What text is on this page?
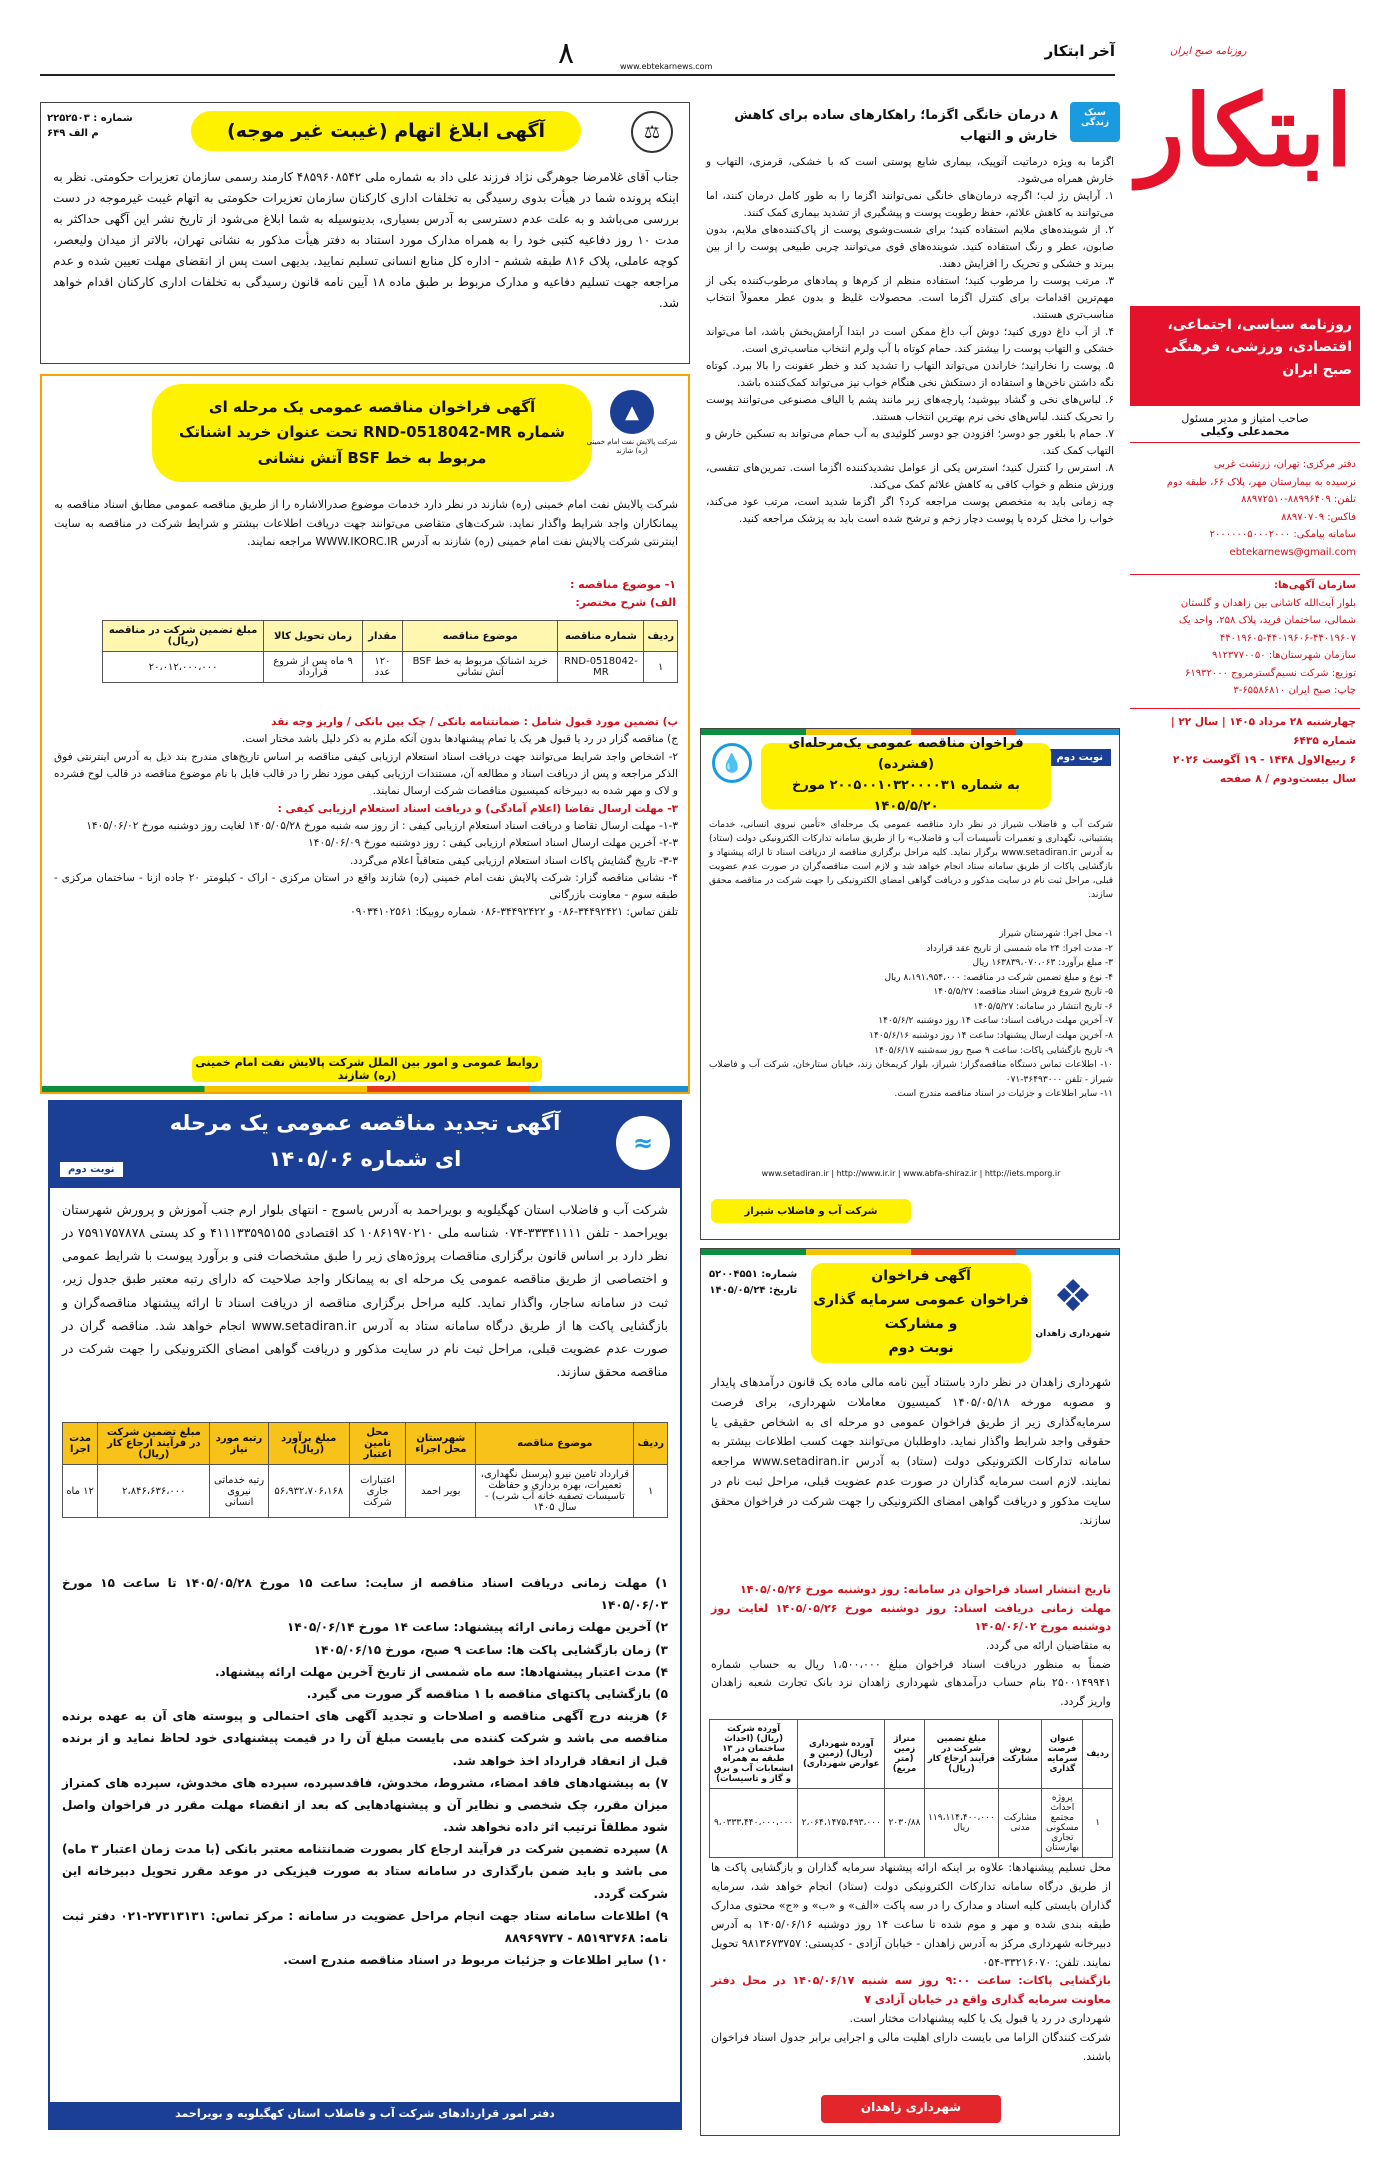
آخر ابتکار
۸	www.ebtekarnews.com
روزنامه صبح ایران
ابتکار
روزنامه‌ سیاسی، اجتماعی، اقتصادی، ورزشی، فرهنگی صبح ایران
صاحب امتیاز و مدیر مسئول
محمدعلی وکیلی
دفتر مرکزی: تهران، زرتشت غربی
نرسیده به بیمارستان مهر، پلاک ۶۶، طبقه دوم
تلفن: ۸۸۹۹۶۴۰۹-۸۸۹۷۲۵۱۰
فاکس: ۸۸۹۷۰۷۰۹
سامانه پیامکی: ۲۰۰۰۰۰۰۵۰۰۰۲۰۰۰
ebtekarnews@gmail.com
سازمان آگهی‌ها:
بلوار آیت‌الله کاشانی بین زاهدان و گلستان
شمالی، ساختمان فرید، پلاک ۲۵۸، واحد یک
۴۴۰۱۹۶۰۵-۴۴۰۱۹۶۰۶-۴۴۰۱۹۶۰۷
سازمان شهرستان‌ها: ۹۱۲۳۷۷۰۰۵۰
توزیع: شرکت نسیم‌گستر‌مروج ۶۱۹۳۲۰۰۰
چاپ: صبح ایران ۶۵۵۸۶۸۱۰-۳
چهارشنبه ۲۸ مرداد ۱۴۰۵ | سال ۲۲ | شماره ۶۴۳۵
۶ ربیع‌الاول ۱۴۴۸ - ۱۹ آگوست ۲۰۲۶
سال بیست‌ودوم / ۸ صفحه
سبک زندگی
۸ درمان خانگی اگزما؛ راهکارهای ساده برای کاهش خارش و التهاب

اگزما به ویژه درماتیت آتوپیک، بیماری شایع پوستی است که با خشکی، قرمزی، التهاب و خارش همراه می‌شود.

۱. آرایش رژ لب؛ اگرچه درمان‌های خانگی نمی‌توانند اگزما را به طور کامل درمان کنند، اما می‌توانند به کاهش علائم، حفظ رطوبت پوست و پیشگیری از تشدید بیماری کمک کنند.

۲. از شوینده‌های ملایم استفاده کنید؛ برای شست‌وشوی پوست از پاک‌کننده‌های ملایم، بدون صابون، عطر و رنگ استفاده کنید. شوینده‌های قوی می‌توانند چربی طبیعی پوست را از بین ببرند و خشکی و تحریک را افزایش دهند.

۳. مرتب پوست را مرطوب کنید؛ استفاده منظم از کرم‌ها و پمادهای مرطوب‌کننده یکی از مهم‌ترین اقدامات برای کنترل اگزما است. محصولات غلیظ و بدون عطر معمولاً انتخاب مناسب‌تری هستند.

۴. از آب داغ دوری کنید؛ دوش آب داغ ممکن است در ابتدا آرامش‌بخش باشد، اما می‌تواند خشکی و التهاب پوست را بیشتر کند. حمام کوتاه با آب ولرم انتخاب مناسب‌تری است.

۵. پوست را نخارانید؛ خاراندن می‌تواند التهاب را تشدید کند و خطر عفونت را بالا ببرد. کوتاه نگه داشتن ناخن‌ها و استفاده از دستکش نخی هنگام خواب نیز می‌تواند کمک‌کننده باشد.

۶. لباس‌های نخی و گشاد بپوشید؛ پارچه‌های زبر مانند پشم یا الیاف مصنوعی می‌توانند پوست را تحریک کنند. لباس‌های نخی نرم بهترین انتخاب هستند.

۷. حمام با بلغور جو دوسر؛ افزودن جو دوسر کلوئیدی به آب حمام می‌تواند به تسکین خارش و التهاب کمک کند.

۸. استرس را کنترل کنید؛ استرس یکی از عوامل تشدیدکننده اگزما است. تمرین‌های تنفسی، ورزش منظم و خواب کافی به کاهش علائم کمک می‌کند.

چه زمانی باید به متخصص پوست مراجعه کرد؟ اگر اگزما شدید است، مرتب عود می‌کند، خواب را مختل کرده یا پوست دچار زخم و ترشح شده است باید به پزشک مراجعه کنید.

شماره : ۲۲۵۲۵۰۳
م الف ۶۴۹	آگهی ابلاغ اتهام (غیبت غیر موجه)	⚖
جناب آقای غلامرضا جوهرگی نژاد فرزند علی داد به شماره ملی ۴۸۵۹۶۰۸۵۴۲ کارمند رسمی سازمان تعزیرات حکومتی. نظر به اینکه پرونده شما در هیأت بدوی رسیدگی به تخلفات اداری کارکنان سازمان تعزیرات حکومتی به اتهام غیبت غیرموجه در دست بررسی می‌باشد و به علت عدم دسترسی به آدرس بسیاری، بدینوسیله به شما ابلاغ می‌شود از تاریخ نشر این آگهی حداکثر به مدت ۱۰ روز دفاعیه کتبی خود را به همراه مدارک مورد استناد به دفتر هیأت مذکور به نشانی تهران، بالاتر از میدان ولیعصر، کوچه عاملی، پلاک ۸۱۶ طبقه ششم - اداره کل منابع انسانی تسلیم نمایید. بدیهی است پس از انقضای مهلت تعیین شده و عدم مراجعه جهت تسلیم دفاعیه و مدارک مربوط بر طبق ماده ۱۸ آیین نامه قانون رسیدگی به تخلفات اداری کارکنان اقدام خواهد شد.
آگهی فراخوان مناقصه عمومی یک مرحله ای
شماره RND-0518042-MR تحت عنوان خرید اشناتک
مربوط به خط BSF آتش نشانی
▲
شرکت پالایش نفت امام خمینی (ره) شازند
شرکت پالایش نفت امام خمینی (ره) شازند در نظر دارد خدمات موضوع صدرالاشاره را از طریق مناقصه عمومی مطابق اسناد مناقصه به پیمانکاران واجد شرایط واگذار نماید. شرکت‌های متقاضی می‌توانند جهت دریافت اطلاعات بیشتر و شرایط شرکت در مناقصه به سایت اینترنتی شرکت پالایش نفت امام خمینی (ره) شازند به آدرس WWW.IKORC.IR مراجعه نمایند.
۱- موضوع مناقصه :
الف) شرح مختصر:
ردیف	شماره مناقصه	موضوع مناقصه	مقدار	زمان تحویل کالا	مبلغ تضمین شرکت در مناقصه (ریال)
۱	RND-0518042-MR	خرید اشناتک مربوط به خط BSF آتش نشانی	۱۲۰ عدد	۹ ماه پس از شروع قرارداد	۲۰،۰۱۲،۰۰۰،۰۰۰
ب) تضمین مورد قبول شامل : ضمانتنامه بانکی / چک بین بانکی / واریز وجه نقد
ج) مناقصه گزار در رد یا قبول هر یک یا تمام پیشنهادها بدون آنکه ملزم به ذکر دلیل باشد مختار است.
۲- اشخاص واجد شرایط می‌توانند جهت دریافت اسناد استعلام ارزیابی کیفی مناقصه بر اساس تاریخ‌های مندرج بند ذیل به آدرس اینترنتی فوق الذکر مراجعه و پس از دریافت اسناد و مطالعه آن، مستندات ارزیابی کیفی مورد نظر را در قالب فایل با نام موضوع مناقصه در قالب لوح فشرده و لاک و مهر شده به دبیرخانه کمیسیون مناقصات شرکت ارسال نمایند.
۳- مهلت ارسال تقاضا (اعلام آمادگی) و دریافت اسناد استعلام ارزیابی کیفی :
۱-۳- مهلت ارسال تقاضا و دریافت اسناد استعلام ارزیابی کیفی : از روز سه شنبه مورخ ۱۴۰۵/۰۵/۲۸ لغایت روز دوشنبه مورخ ۱۴۰۵/۰۶/۰۲
۲-۳- آخرین مهلت ارسال اسناد استعلام ارزیابی کیفی : روز دوشنبه مورخ ۱۴۰۵/۰۶/۰۹
۳-۳- تاریخ گشایش پاکات اسناد استعلام ارزیابی کیفی متعاقباً اعلام می‌گردد.
۴- نشانی مناقصه گزار: شرکت پالایش نفت امام خمینی (ره) شازند واقع در استان مرکزی - اراک - کیلومتر ۲۰ جاده ازنا - ساختمان مرکزی - طبقه سوم - معاونت بازرگانی
تلفن تماس: ۳۴۴۹۲۴۲۱-۰۸۶ و ۳۴۴۹۲۴۲۲-۰۸۶ شماره روبیکا: ۰۹۰۳۴۱۰۲۵۶۱
روابط عمومی و امور بین الملل شرکت پالایش نفت امام خمینی (ره) شازند
نوبت دوم
فراخوان مناقصه عمومی یک‌مرحله‌ای (فشرده)
به شماره ۲۰۰۵۰۰۱۰۳۲۰۰۰۰۳۱ مورخ ۱۴۰۵/۵/۲۰
💧
شرکت آب و فاضلاب شیراز در نظر دارد مناقصه عمومی یک مرحله‌ای «تأمین نیروی انسانی، خدمات پشتیبانی، نگهداری و تعمیرات تأسیسات آب و فاضلاب» را از طریق سامانه تدارکات الکترونیکی دولت (ستاد) به آدرس www.setadiran.ir برگزار نماید. کلیه مراحل برگزاری مناقصه از دریافت اسناد تا ارائه پیشنهاد و بازگشایی پاکات از طریق سامانه ستاد انجام خواهد شد و لازم است مناقصه‌گران در صورت عدم عضویت قبلی، مراحل ثبت نام در سایت مذکور و دریافت گواهی امضای الکترونیکی را جهت شرکت در مناقصه محقق سازند.
۱- محل اجرا: شهرستان شیراز
۲- مدت اجرا: ۲۴ ماه شمسی از تاریخ عقد قرارداد
۳- مبلغ برآورد: ۱۶۳۸۳۹،۰۷۰،۰۶۳ ریال
۴- نوع و مبلغ تضمین شرکت در مناقصه: ۸،۱۹۱،۹۵۴،۰۰۰ ریال
۵- تاریخ شروع فروش اسناد مناقصه: ۱۴۰۵/۵/۲۷
۶- تاریخ انتشار در سامانه: ۱۴۰۵/۵/۲۷
۷- آخرین مهلت دریافت اسناد: ساعت ۱۴ روز دوشنبه ۱۴۰۵/۶/۲
۸- آخرین مهلت ارسال پیشنهاد: ساعت ۱۴ روز دوشنبه ۱۴۰۵/۶/۱۶
۹- تاریخ بازگشایی پاکات: ساعت ۹ صبح روز سه‌شنبه ۱۴۰۵/۶/۱۷
۱۰- اطلاعات تماس دستگاه مناقصه‌گزار: شیراز، بلوار کریمخان زند، خیابان ستارخان، شرکت آب و فاضلاب شیراز - تلفن ۳۶۴۹۳۰۰۰-۰۷۱
۱۱- سایر اطلاعات و جزئیات در اسناد مناقصه مندرج است.
www.setadiran.ir | http://www.ir.ir | www.abfa-shiraz.ir | http://iets.mporg.ir
شرکت آب و فاضلاب شیراز
آگهی تجدید مناقصه عمومی یک مرحله
ای شماره ۱۴۰۵/۰۶
نوبت دوم
≈
شرکت آب و فاضلاب استان کهگیلویه و بویراحمد به آدرس یاسوج - انتهای بلوار ارم جنب آموزش و پرورش شهرستان بویراحمد - تلفن ۳۳۳۴۱۱۱۱-۰۷۴ شناسه ملی ۱۰۸۶۱۹۷۰۲۱۰ کد اقتصادی ۴۱۱۱۳۳۵۹۵۱۵۵ و کد پستی ۷۵۹۱۷۵۷۸۷۸ در نظر دارد بر اساس قانون برگزاری مناقصات پروژه‌های زیر را طبق مشخصات فنی و برآورد پیوست با شرایط عمومی و اختصاصی از طریق مناقصه عمومی یک مرحله ای به پیمانکار واجد صلاحیت که دارای رتبه معتبر طبق جدول زیر، ثبت در سامانه ساجار، واگذار نماید. کلیه مراحل برگزاری مناقصه از دریافت اسناد تا ارائه پیشنهاد مناقصه‌گران و بازگشایی پاکت ها از طریق درگاه سامانه ستاد به آدرس www.setadiran.ir انجام خواهد شد. مناقصه گران در صورت عدم عضویت قبلی، مراحل ثبت نام در سایت مذکور و دریافت گواهی امضای الکترونیکی را جهت شرکت در مناقصه محقق سازند.
ردیف	موضوع مناقصه	شهرستان محل اجراء	محل تامین اعتبار	مبلغ برآورد (ریال)	رتبه مورد نیاز	مبلغ تضمین شرکت در فرآیند ارجاع کار (ریال)	مدت اجرا
۱	قرارداد تامین نیرو (پرسنل نگهداری، تعمیرات، بهره برداری و حفاظت تاسیسات تصفیه خانه آب شرب) - سال ۱۴۰۵	بویر احمد	اعتبارات جاری شرکت	۵۶،۹۳۲،۷۰۶،۱۶۸	رتبه خدماتی نیروی انسانی	۲،۸۴۶،۶۳۶،۰۰۰	۱۲ ماه
۱) مهلت زمانی دریافت اسناد مناقصه از سایت: ساعت ۱۵ مورخ ۱۴۰۵/۰۵/۲۸ تا ساعت ۱۵ مورخ ۱۴۰۵/۰۶/۰۳
۲) آخرین مهلت زمانی ارائه پیشنهاد: ساعت ۱۴ مورخ ۱۴۰۵/۰۶/۱۴
۳) زمان بازگشایی پاکت ها: ساعت ۹ صبح، مورخ ۱۴۰۵/۰۶/۱۵
۴) مدت اعتبار پیشنهادها: سه ماه شمسی از تاریخ آخرین مهلت ارائه پیشنهاد.
۵) بازگشایی پاکتهای مناقصه با ۱ مناقصه گر صورت می گیرد.
۶) هزینه درج آگهی مناقصه و اصلاحات و تجدید آگهی های احتمالی و پیوسته های آن به عهده برنده مناقصه می باشد و شرکت کننده می بایست مبلغ آن را در قیمت پیشنهادی خود لحاظ نماید و از برنده قبل از انعقاد قرارداد اخذ خواهد شد.
۷) به پیشنهادهای فاقد امضاء، مشروط، مخدوش، فاقدسپرده، سپرده های مخدوش، سپرده های کمتراز میزان مقرر، چک شخصی و نظایر آن و پیشنهادهایی که بعد از انقضاء مهلت مقرر در فراخوان واصل شود مطلقاً ترتیب اثر داده نخواهد شد.
۸) سپرده تضمین شرکت در فرآیند ارجاع کار بصورت ضمانتنامه معتبر بانکی (با مدت زمان اعتبار ۳ ماه) می باشد و باید ضمن بارگذاری در سامانه ستاد به صورت فیزیکی در موعد مقرر تحویل دبیرخانه این شرکت گردد.
۹) اطلاعات سامانه ستاد جهت انجام مراحل عضویت در سامانه : مرکز تماس: ۲۷۳۱۳۱۳۱-۰۲۱ دفتر ثبت نامه: ۸۵۱۹۳۷۶۸ - ۸۸۹۶۹۷۳۷
۱۰) سایر اطلاعات و جزئیات مربوط در اسناد مناقصه مندرج است.
دفتر امور قراردادهای شرکت آب و فاضلاب استان کهگیلویه و بویراحمد
شماره: ۵۲۰۰۴۵۵۱
تاریخ: ۱۴۰۵/۰۵/۲۴
آگهی فراخوان
فراخوان عمومی سرمایه گذاری و مشارکت
نوبت دوم
❖
شهرداری زاهدان
شهرداری زاهدان در نظر دارد باستناد آیین نامه مالی ماده یک قانون درآمدهای پایدار و مصوبه مورخه ۱۴۰۵/۰۵/۱۸ کمیسیون معاملات شهرداری، برای فرصت سرمایه‌گذاری زیر از طریق فراخوان عمومی دو مرحله ای به اشخاص حقیقی یا حقوقی واجد شرایط واگذار نماید. داوطلبان می‌توانند جهت کسب اطلاعات بیشتر به سامانه تدارکات الکترونیکی دولت (ستاد) به آدرس www.setadiran.ir مراجعه نمایند. لازم است سرمایه گذاران در صورت عدم عضویت قبلی، مراحل ثبت نام در سایت مذکور و دریافت گواهی امضای الکترونیکی را جهت شرکت در فراخوان محقق سازند.
تاریخ انتشار اسناد فراخوان در سامانه: روز دوشنبه مورخ ۱۴۰۵/۰۵/۲۶
مهلت زمانی دریافت اسناد: روز دوشنبه مورخ ۱۴۰۵/۰۵/۲۶ لغایت روز دوشنبه مورخ ۱۴۰۵/۰۶/۰۲
به متقاضیان ارائه می گردد.
ضمناً به منظور دریافت اسناد فراخوان مبلغ ۱،۵۰۰،۰۰۰ ریال به حساب شماره ۲۵۰۰۱۴۹۹۴۱ بنام حساب درآمدهای شهرداری زاهدان نزد بانک تجارت شعبه زاهدان واریز گردد.
ردیف	عنوان فرصت سرمایه گذاری	روش مشارکت	مبلغ تضمین شرکت در فرآیند ارجاع کار (ریال)	متراژ زمین (متر مربع)	آورده شهرداری (ریال) (زمین و عوارض شهرداری)	آورده شرکت (ریال) (احداث ساختمان در ۱۳ طبقه به همراه انشعابات آب و برق و گاز و تاسیسات)
۱	پروژه احداث مجتمع مسکونی تجاری بهارستان	مشارکت مدنی	۱۱۹،۱۱۴،۴۰۰،۰۰۰ ریال	۲۰۳۰/۸۸	۲،۰۶۴،۱۴۷۵،۴۹۳،۰۰۰	۹،۰۳۳۳،۴۴۰،۰۰۰،۰۰۰
محل تسلیم پیشنهادها: علاوه بر اینکه ارائه پیشنهاد سرمایه گذاران و بازگشایی پاکت ها از طریق درگاه سامانه تدارکات الکترونیکی دولت (ستاد) انجام خواهد شد، سرمایه گذاران بایستی کلیه اسناد و مدارک را در سه پاکت «الف» و «ب» و «ج» محتوی مدارک طبقه بندی شده و مهر و موم شده تا ساعت ۱۴ روز دوشنبه ۱۴۰۵/۰۶/۱۶ به آدرس دبیرخانه شهرداری مرکز به آدرس زاهدان - خیابان آزادی - کدپستی: ۹۸۱۳۶۷۳۷۵۷ تحویل نمایند. تلفن: ۳۳۲۱۶۰۷۰-۰۵۴
بازگشایی پاکات: ساعت ۹:۰۰ روز سه شنبه ۱۴۰۵/۰۶/۱۷ در محل دفتر معاونت سرمایه گذاری واقع در خیابان آزادی ۷
شهرداری در رد یا قبول یک یا کلیه پیشنهادات مختار است.
شرکت کنندگان الزاما می بایست دارای اهلیت مالی و اجرایی برابر جدول اسناد فراخوان باشند.
شهرداری زاهدان
